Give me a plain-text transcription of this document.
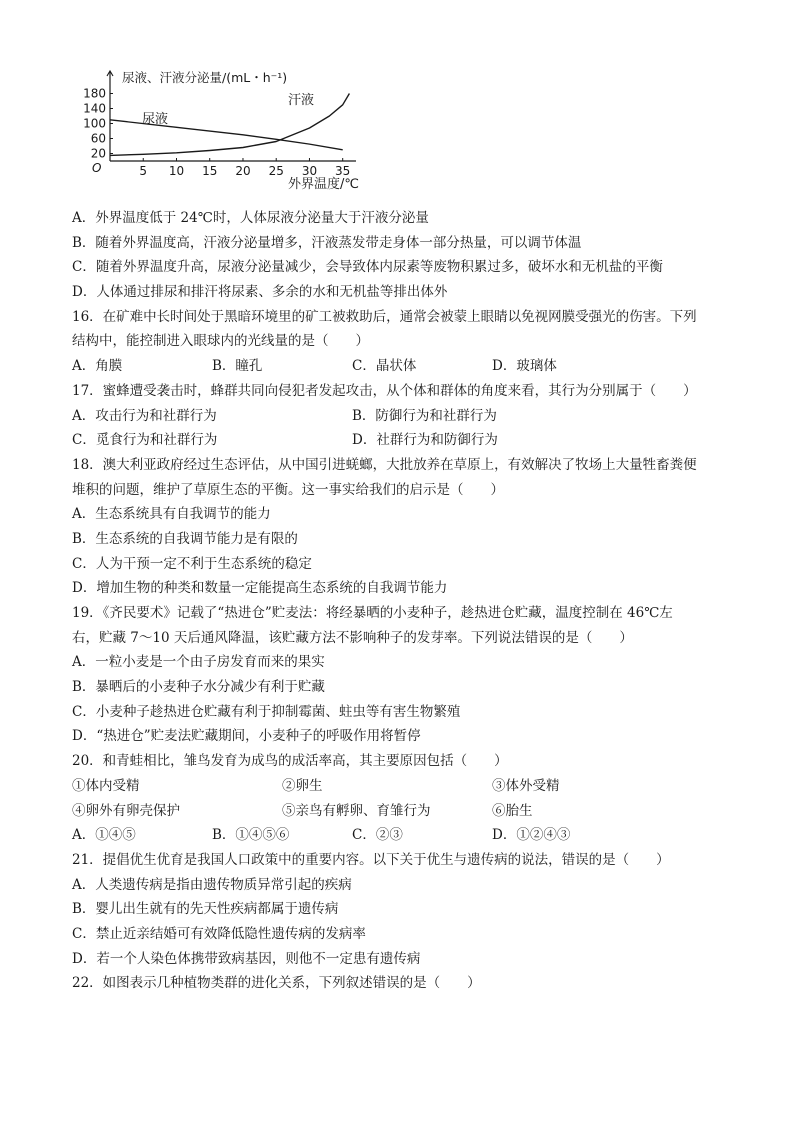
5 10 15 20 25 30 35
20
60
100
140
180
尿液、汗液分泌量/(mL・h⁻¹)
外界温度/℃
O
汗液
尿液
A．外界温度低于 24℃时，人体尿液分泌量大于汗液分泌量
B．随着外界温度高，汗液分泌量增多，汗液蒸发带走身体一部分热量，可以调节体温
C．随着外界温度升高，尿液分泌量减少，会导致体内尿素等废物积累过多，破坏水和无机盐的平衡
D．人体通过排尿和排汗将尿素、多余的水和无机盐等排出体外
16．在矿难中长时间处于黑暗环境里的矿工被救助后，通常会被蒙上眼睛以免视网膜受强光的伤害。下列
结构中，能控制进入眼球内的光线量的是（　　）
A．角膜	B．瞳孔	C．晶状体	D．玻璃体
17．蜜蜂遭受袭击时，蜂群共同向侵犯者发起攻击，从个体和群体的角度来看，其行为分别属于（　　）
A．攻击行为和社群行为	B．防御行为和社群行为
C．觅食行为和社群行为	D．社群行为和防御行为
18．澳大利亚政府经过生态评估，从中国引进蜣螂，大批放养在草原上，有效解决了牧场上大量牲畜粪便
堆积的问题，维护了草原生态的平衡。这一事实给我们的启示是（　　）
A．生态系统具有自我调节的能力
B．生态系统的自我调节能力是有限的
C．人为干预一定不利于生态系统的稳定
D．增加生物的种类和数量一定能提高生态系统的自我调节能力
19．《齐民要术》记载了“热进仓”贮麦法：将经暴晒的小麦种子，趁热进仓贮藏，温度控制在 46℃左
右，贮藏 7～10 天后通风降温，该贮藏方法不影响种子的发芽率。下列说法错误的是（　　）
A．一粒小麦是一个由子房发育而来的果实
B．暴晒后的小麦种子水分减少有利于贮藏
C．小麦种子趁热进仓贮藏有利于抑制霉菌、蛀虫等有害生物繁殖
D．“热进仓”贮麦法贮藏期间，小麦种子的呼吸作用将暂停
20．和青蛙相比，雏鸟发育为成鸟的成活率高，其主要原因包括（　　）
①体内受精	②卵生	③体外受精
④卵外有卵壳保护	⑤亲鸟有孵卵、育雏行为	⑥胎生
A．①④⑤	B．①④⑤⑥	C．②③	D．①②④③
21．提倡优生优育是我国人口政策中的重要内容。以下关于优生与遗传病的说法，错误的是（　　）
A．人类遗传病是指由遗传物质异常引起的疾病
B．婴儿出生就有的先天性疾病都属于遗传病
C．禁止近亲结婚可有效降低隐性遗传病的发病率
D．若一个人染色体携带致病基因，则他不一定患有遗传病
22．如图表示几种植物类群的进化关系，下列叙述错误的是（　　）
